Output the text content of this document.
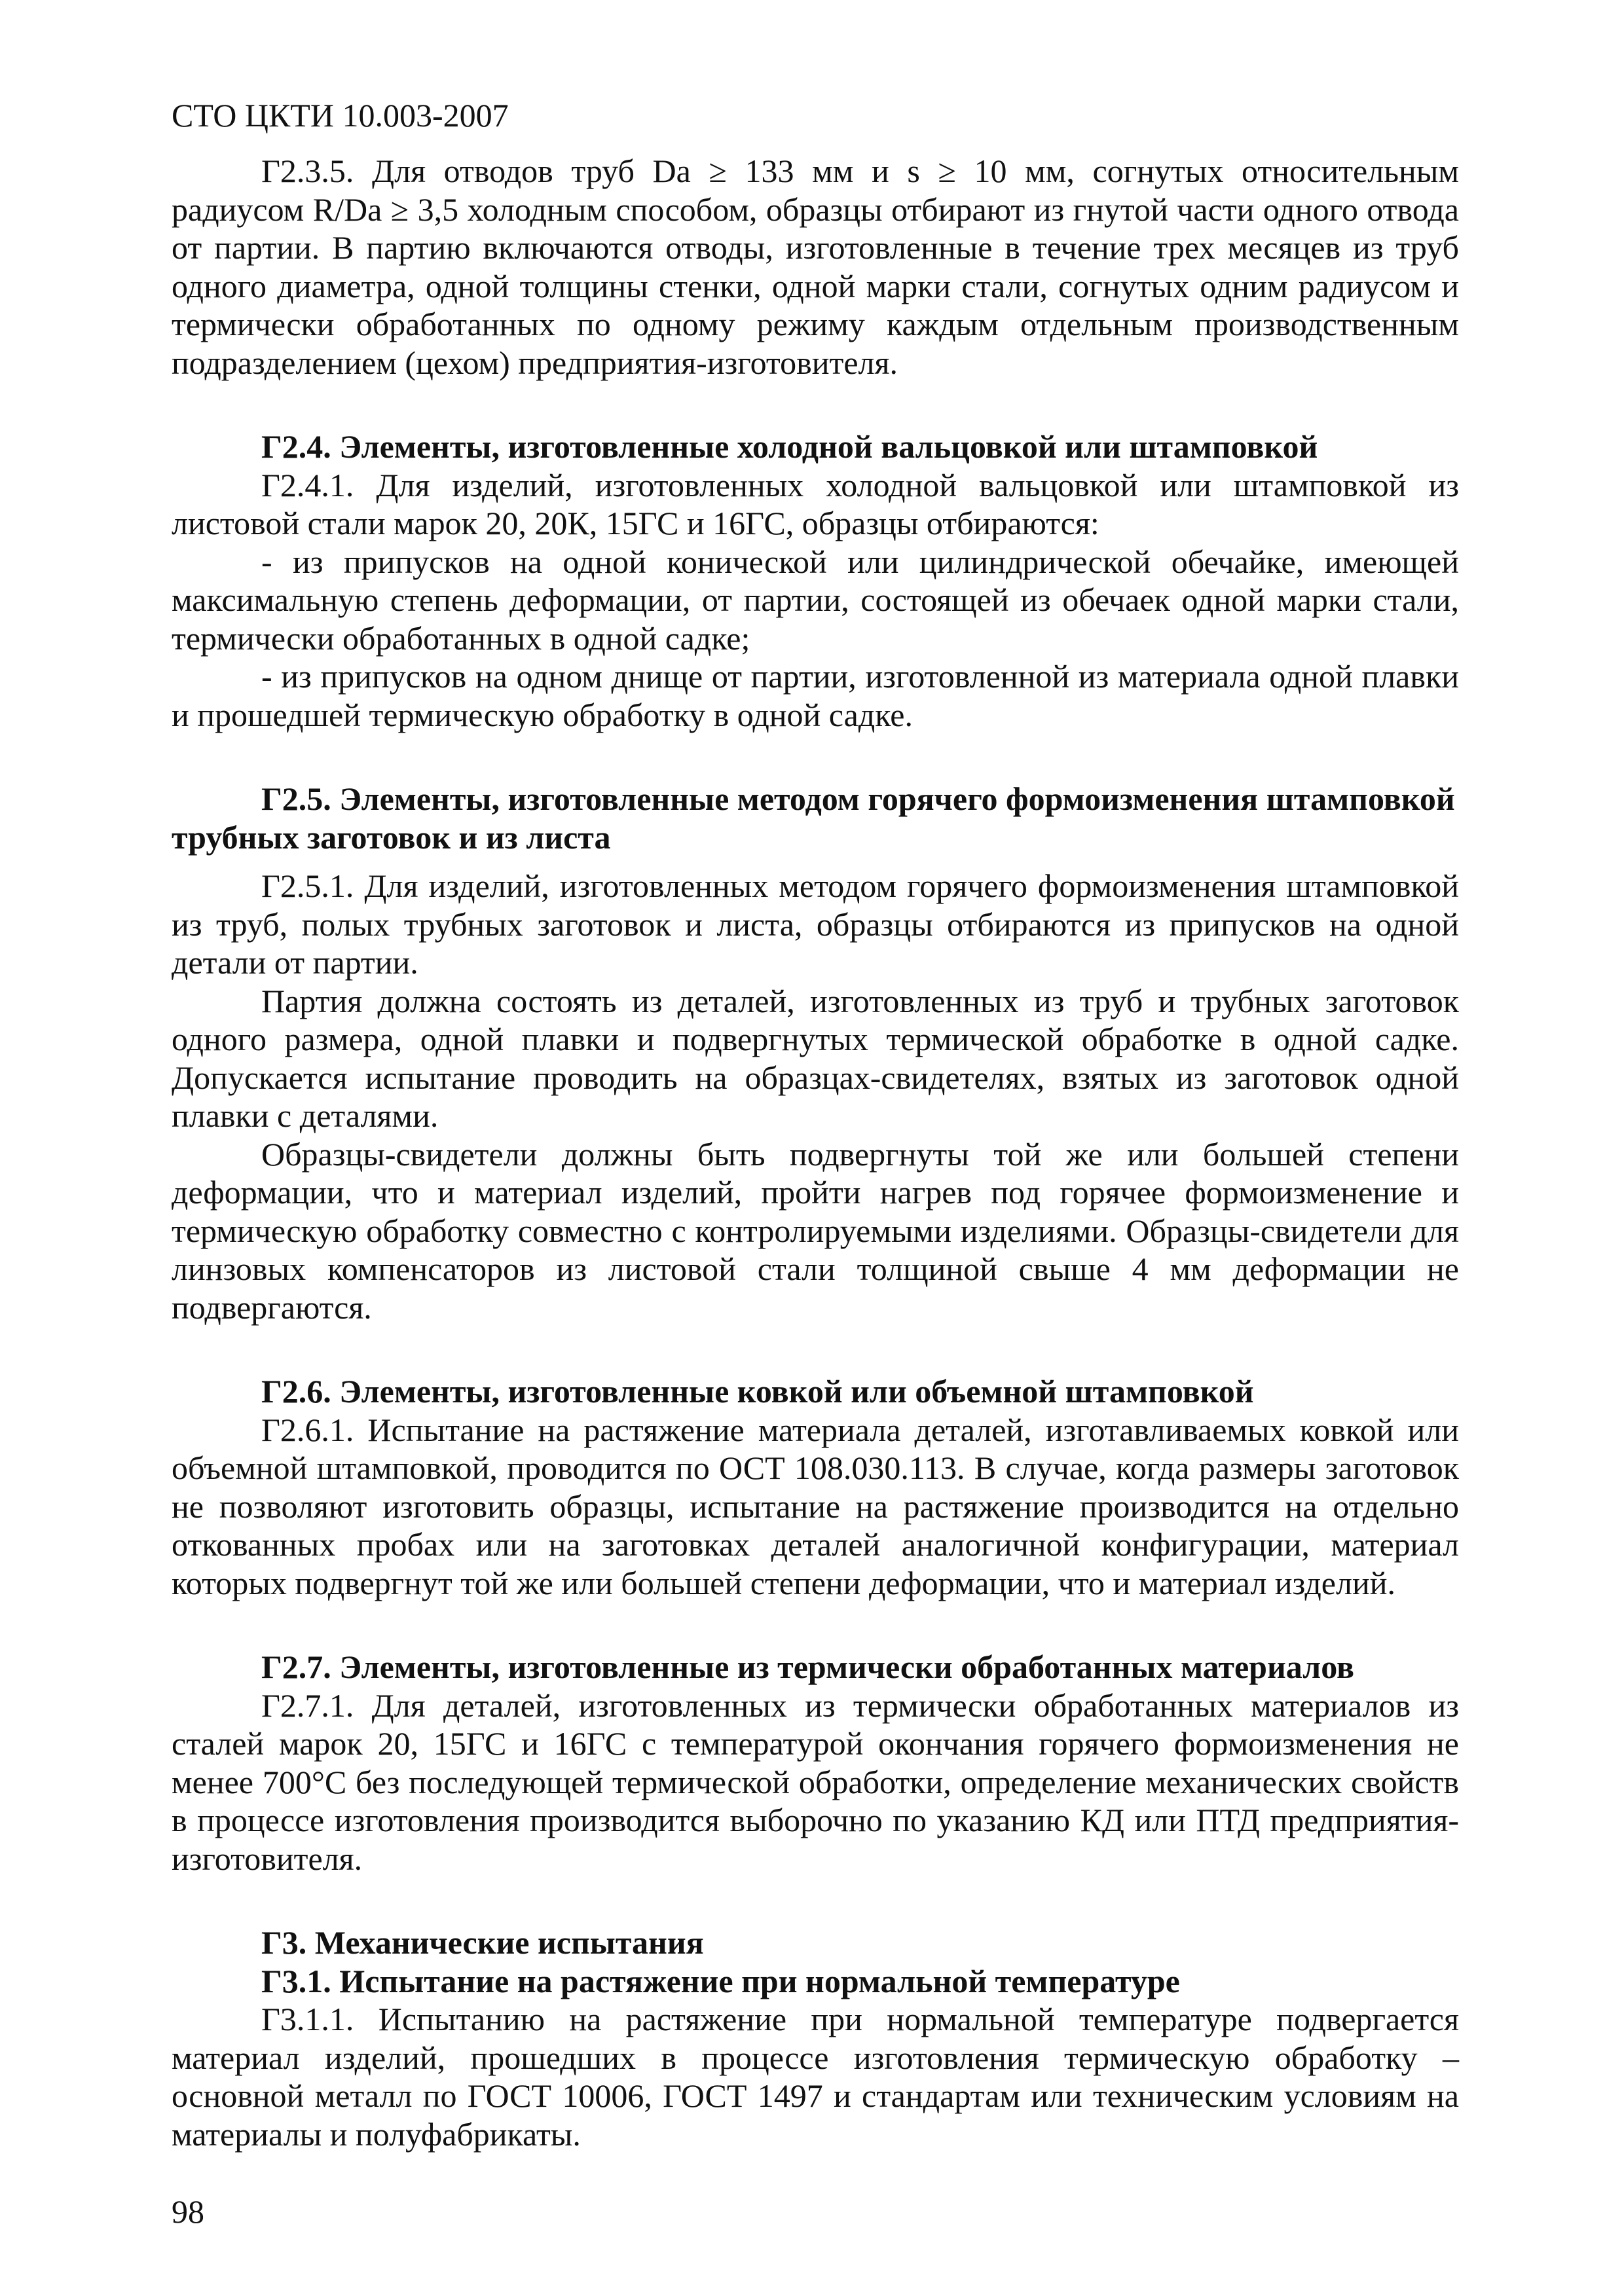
СТО ЦКТИ 10.003-2007

Г2.3.5. Для отводов труб Da ≥ 133 мм и s ≥ 10 мм, согнутых относительным радиусом R/Da ≥ 3,5 холодным способом, образцы отбирают из гнутой части одного отвода от партии. В партию включаются отводы, изготовленные в течение трех месяцев из труб одного диаметра, одной толщины стенки, одной марки стали, согнутых одним радиусом и термически обработанных по одному режиму каждым отдельным производственным подразделением (цехом) предприятия-изготовителя.

Г2.4. Элементы, изготовленные холодной вальцовкой или штамповкой

Г2.4.1. Для изделий, изготовленных холодной вальцовкой или штамповкой из листовой стали марок 20, 20К, 15ГС и 16ГС, образцы отбираются:

- из припусков на одной конической или цилиндрической обечайке, имеющей максимальную степень деформации, от партии, состоящей из обечаек одной марки стали, термически обработанных в одной садке;

- из припусков на одном днище от партии, изготовленной из материала одной плавки и прошедшей термическую обработку в одной садке.

Г2.5. Элементы, изготовленные методом горячего формоизменения штамповкой трубных заготовок и из листа

Г2.5.1. Для изделий, изготовленных методом горячего формоизменения штамповкой из труб, полых трубных заготовок и листа, образцы отбираются из припусков на одной детали от партии.

Партия должна состоять из деталей, изготовленных из труб и трубных заготовок одного размера, одной плавки и подвергнутых термической обработке в одной садке. Допускается испытание проводить на образцах-свидетелях, взятых из заготовок одной плавки с деталями.

Образцы-свидетели должны быть подвергнуты той же или большей степени деформации, что и материал изделий, пройти нагрев под горячее формоизменение и термическую обработку совместно с контролируемыми изделиями. Образцы-свидетели для линзовых компенсаторов из листовой стали толщиной свыше 4 мм деформации не подвергаются.

Г2.6. Элементы, изготовленные ковкой или объемной штамповкой

Г2.6.1. Испытание на растяжение материала деталей, изготавливаемых ковкой или объемной штамповкой, проводится по ОСТ 108.030.113. В случае, когда размеры заготовок не позволяют изготовить образцы, испытание на растяжение производится на отдельно откованных пробах или на заготовках деталей аналогичной конфигурации, материал которых подвергнут той же или большей степени деформации, что и материал изделий.

Г2.7. Элементы, изготовленные из термически обработанных материалов

Г2.7.1. Для деталей, изготовленных из термически обработанных материалов из сталей марок 20, 15ГС и 16ГС с температурой окончания горячего формоизменения не менее 700°С без последующей термической обработки, определение механических свойств в процессе изготовления производится выборочно по указанию КД или ПТД предприятия-изготовителя.

Г3. Механические испытания
Г3.1. Испытание на растяжение при нормальной температуре

Г3.1.1. Испытанию на растяжение при нормальной температуре подвергается материал изделий, прошедших в процессе изготовления термическую обработку – основной металл по ГОСТ 10006, ГОСТ 1497 и стандартам или техническим условиям на материалы и полуфабрикаты.

98
